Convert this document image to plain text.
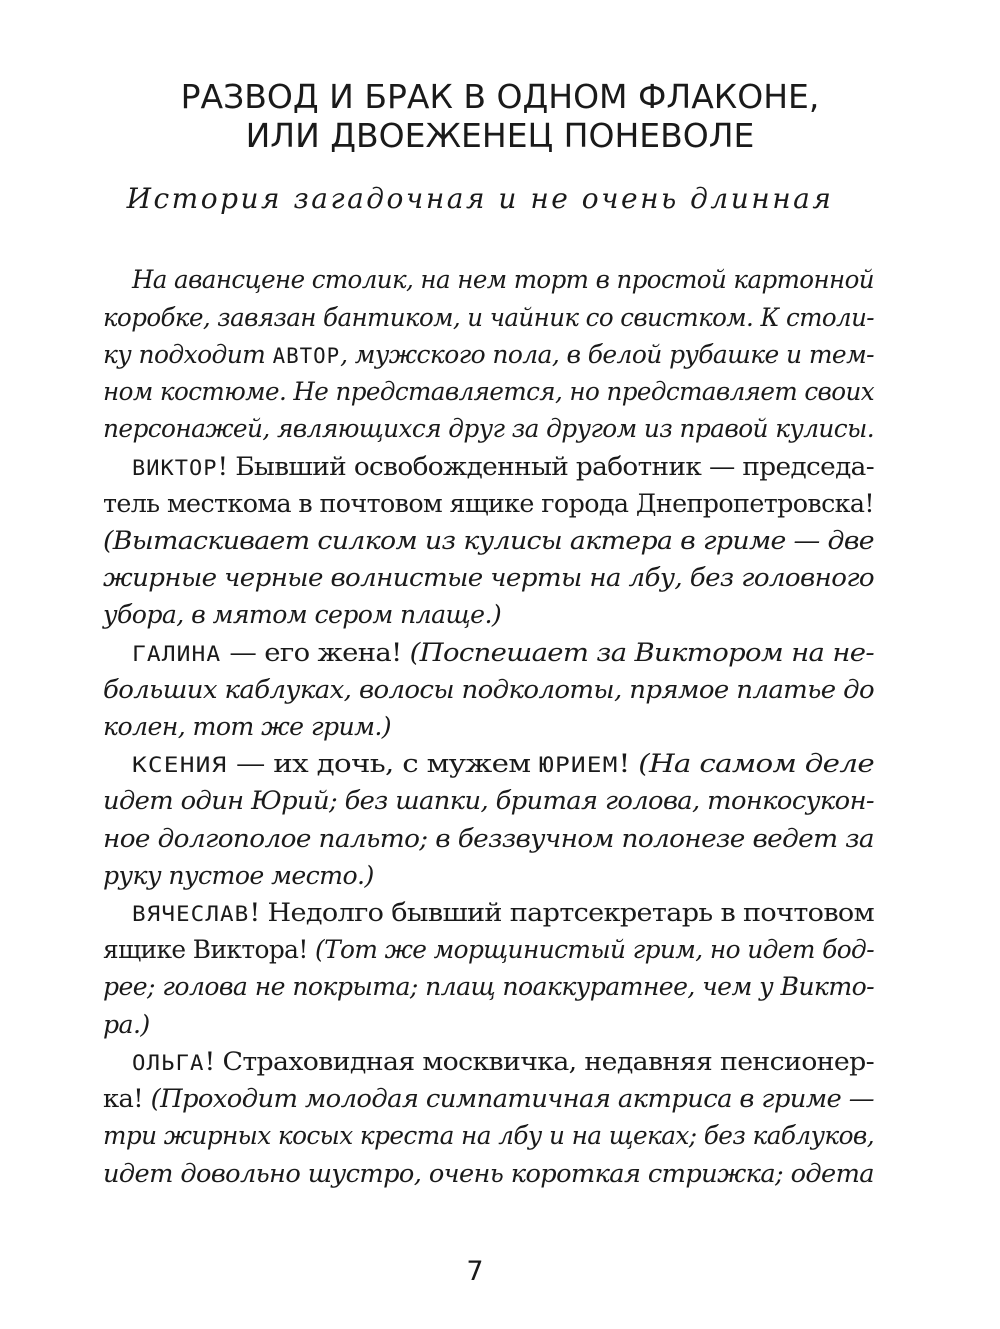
РАЗВОД И БРАК В ОДНОМ ФЛАКОНЕ,
ИЛИ ДВОЕЖЕНЕЦ ПОНЕВОЛЕ
История загадочная и не очень длинная
На авансцене столик, на нем торт в простой картонной
коробке, завязан бантиком, и чайник со свистком. К столи-
ку подходит АВТОР, мужского пола, в белой рубашке и тем-
ном костюме. Не представляется, но представляет своих
персонажей, являющихся друг за другом из правой кулисы.
ВИКТОР! Бывший освобожденный работник — председа-
тель месткома в почтовом ящике города Днепропетровска!
(Вытаскивает силком из кулисы актера в гриме — две
жирные черные волнистые черты на лбу, без головного
убора, в мятом сером плаще.)
ГАЛИНА — его жена! (Поспешает за Виктором на не-
больших каблуках, волосы подколоты, прямое платье до
колен, тот же грим.)
КСЕНИЯ — их дочь, с мужем ЮРИЕМ! (На самом деле
идет один Юрий; без шапки, бритая голова, тонкосукон-
ное долгополое пальто; в беззвучном полонезе ведет за
руку пустое место.)
ВЯЧЕСЛАВ! Недолго бывший партсекретарь в почтовом
ящике Виктора! (Тот же морщинистый грим, но идет бод-
рее; голова не покрыта; плащ поаккуратнее, чем у Викто-
ра.)
ОЛЬГА! Страховидная москвичка, недавняя пенсионер-
ка! (Проходит молодая симпатичная актриса в гриме —
три жирных косых креста на лбу и на щеках; без каблуков,
идет довольно шустро, очень короткая стрижка; одета
7
